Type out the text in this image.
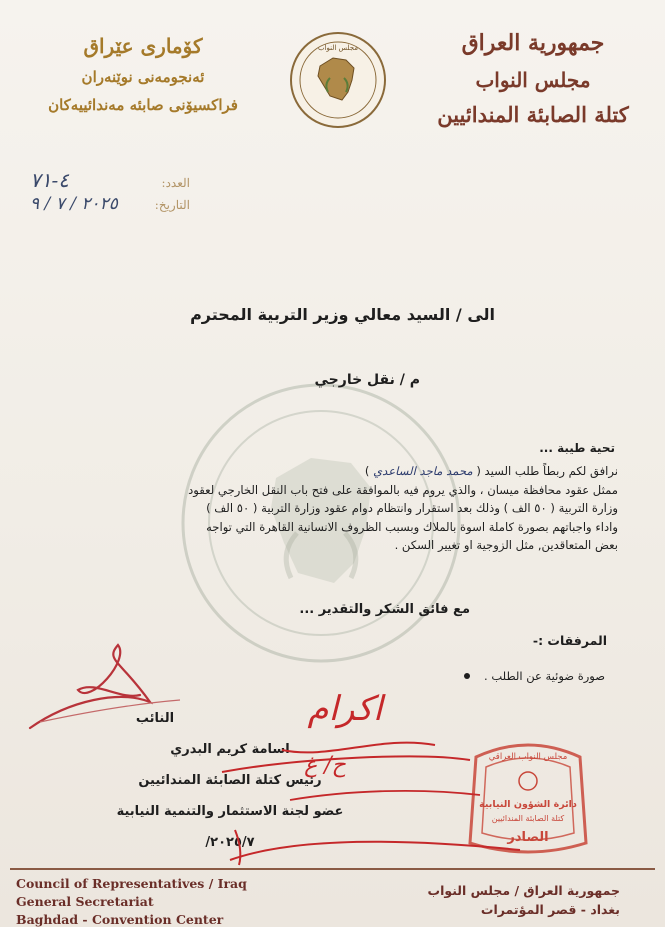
جمهورية العراق
مجلس النواب
كتلة الصابئة المندائيين
كۆماری عێراق
ئەنجومەنی نوێنەران
فراکسیۆنی صابئە مەندائییەکان
مجلس النواب
العدد:
٤-٧١
التاريخ:
٢٠٢٥ / ٧ / ٩
الى / السيد معالي وزير التربية المحترم
م / نقل خارجي
تحية طيبة ...
نرافق لكم ربطاً طلب السيد ( محمد ماجد الساعدي )
ممثل عقود محافظة ميسان ، والذي يروم فيه بالموافقة على فتح باب النقل الخارجي لعقود
وزارة التربية ( ٥٠ الف ) وذلك بعد استقرار وانتظام دوام عقود وزارة التربية ( ٥٠ الف )
واداء واجباتهم بصورة كاملة اسوة بالملاك وبسبب الظروف الانسانية القاهرة التي تواجه
بعض المتعاقدين, مثل الزوجية او تغيير السكن .
مع فائق الشكر والتقدير ...
المرفقات :-
صورة ضوئية عن الطلب .
النائب
اسامة كريم البدري
رئيس كتلة الصابئة المندائيين
عضو لجنة الاستثمار والتنمية النيابية
٢٠٢٥/٧/
مجلس النواب العراقي
دائرة الشؤون النيابية
كتلة الصابئة المندائيين
الصادر
اكرام
ح/ غ
Council of Representatives / Iraq
General Secretariat
Baghdad - Convention Center
جمهورية العراق / مجلس النواب
بغداد - قصر المؤتمرات
